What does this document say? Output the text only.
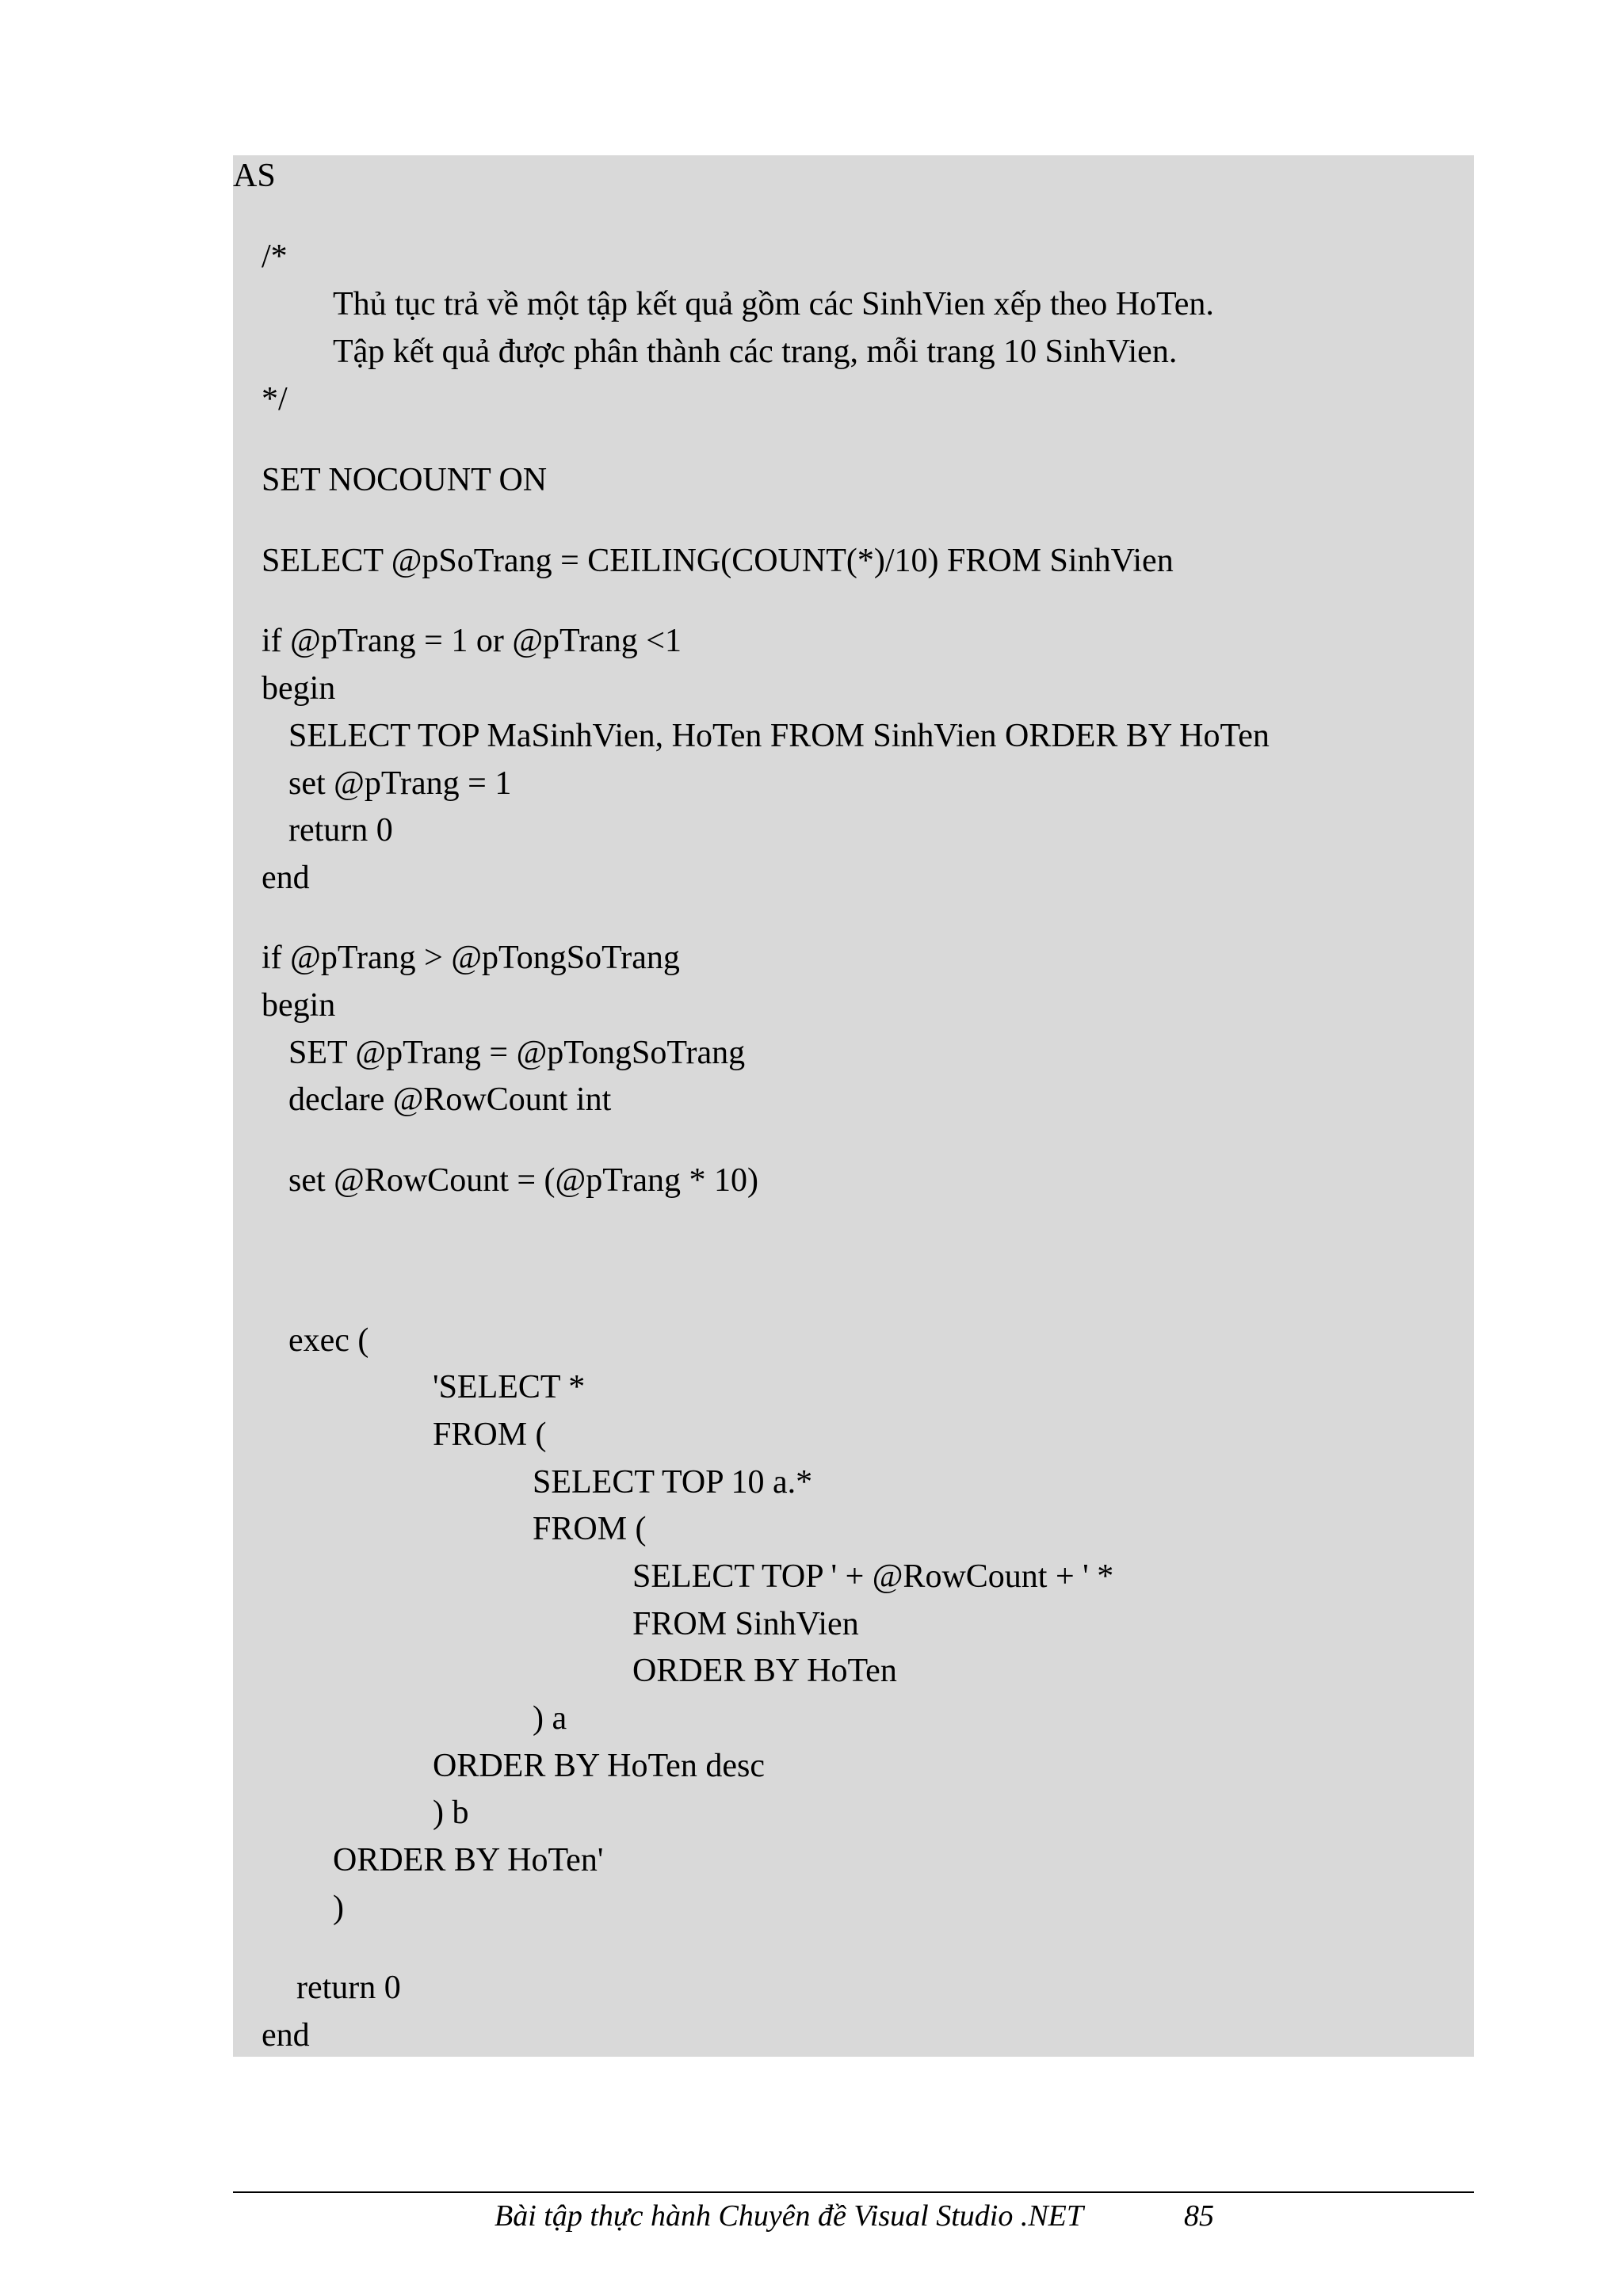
AS
/*
Thủ tục trả về một tập kết quả gồm các SinhVien xếp theo HoTen.
Tập kết quả được phân thành các trang, mỗi trang 10 SinhVien.
*/
SET NOCOUNT ON
SELECT @pSoTrang = CEILING(COUNT(*)/10) FROM SinhVien
if @pTrang = 1 or @pTrang <1
begin
SELECT TOP MaSinhVien, HoTen FROM SinhVien ORDER BY HoTen
set @pTrang = 1
return 0
end
if @pTrang > @pTongSoTrang
begin
SET @pTrang = @pTongSoTrang
declare @RowCount int
set @RowCount = (@pTrang * 10)
exec (
'SELECT *
FROM (
SELECT TOP 10 a.*
FROM (
SELECT TOP ' + @RowCount + ' *
FROM SinhVien
ORDER BY HoTen
) a
ORDER BY HoTen desc
) b
ORDER BY HoTen'
)
return 0
end
Bài tập thực hành Chuyên đề Visual Studio .NET	85
